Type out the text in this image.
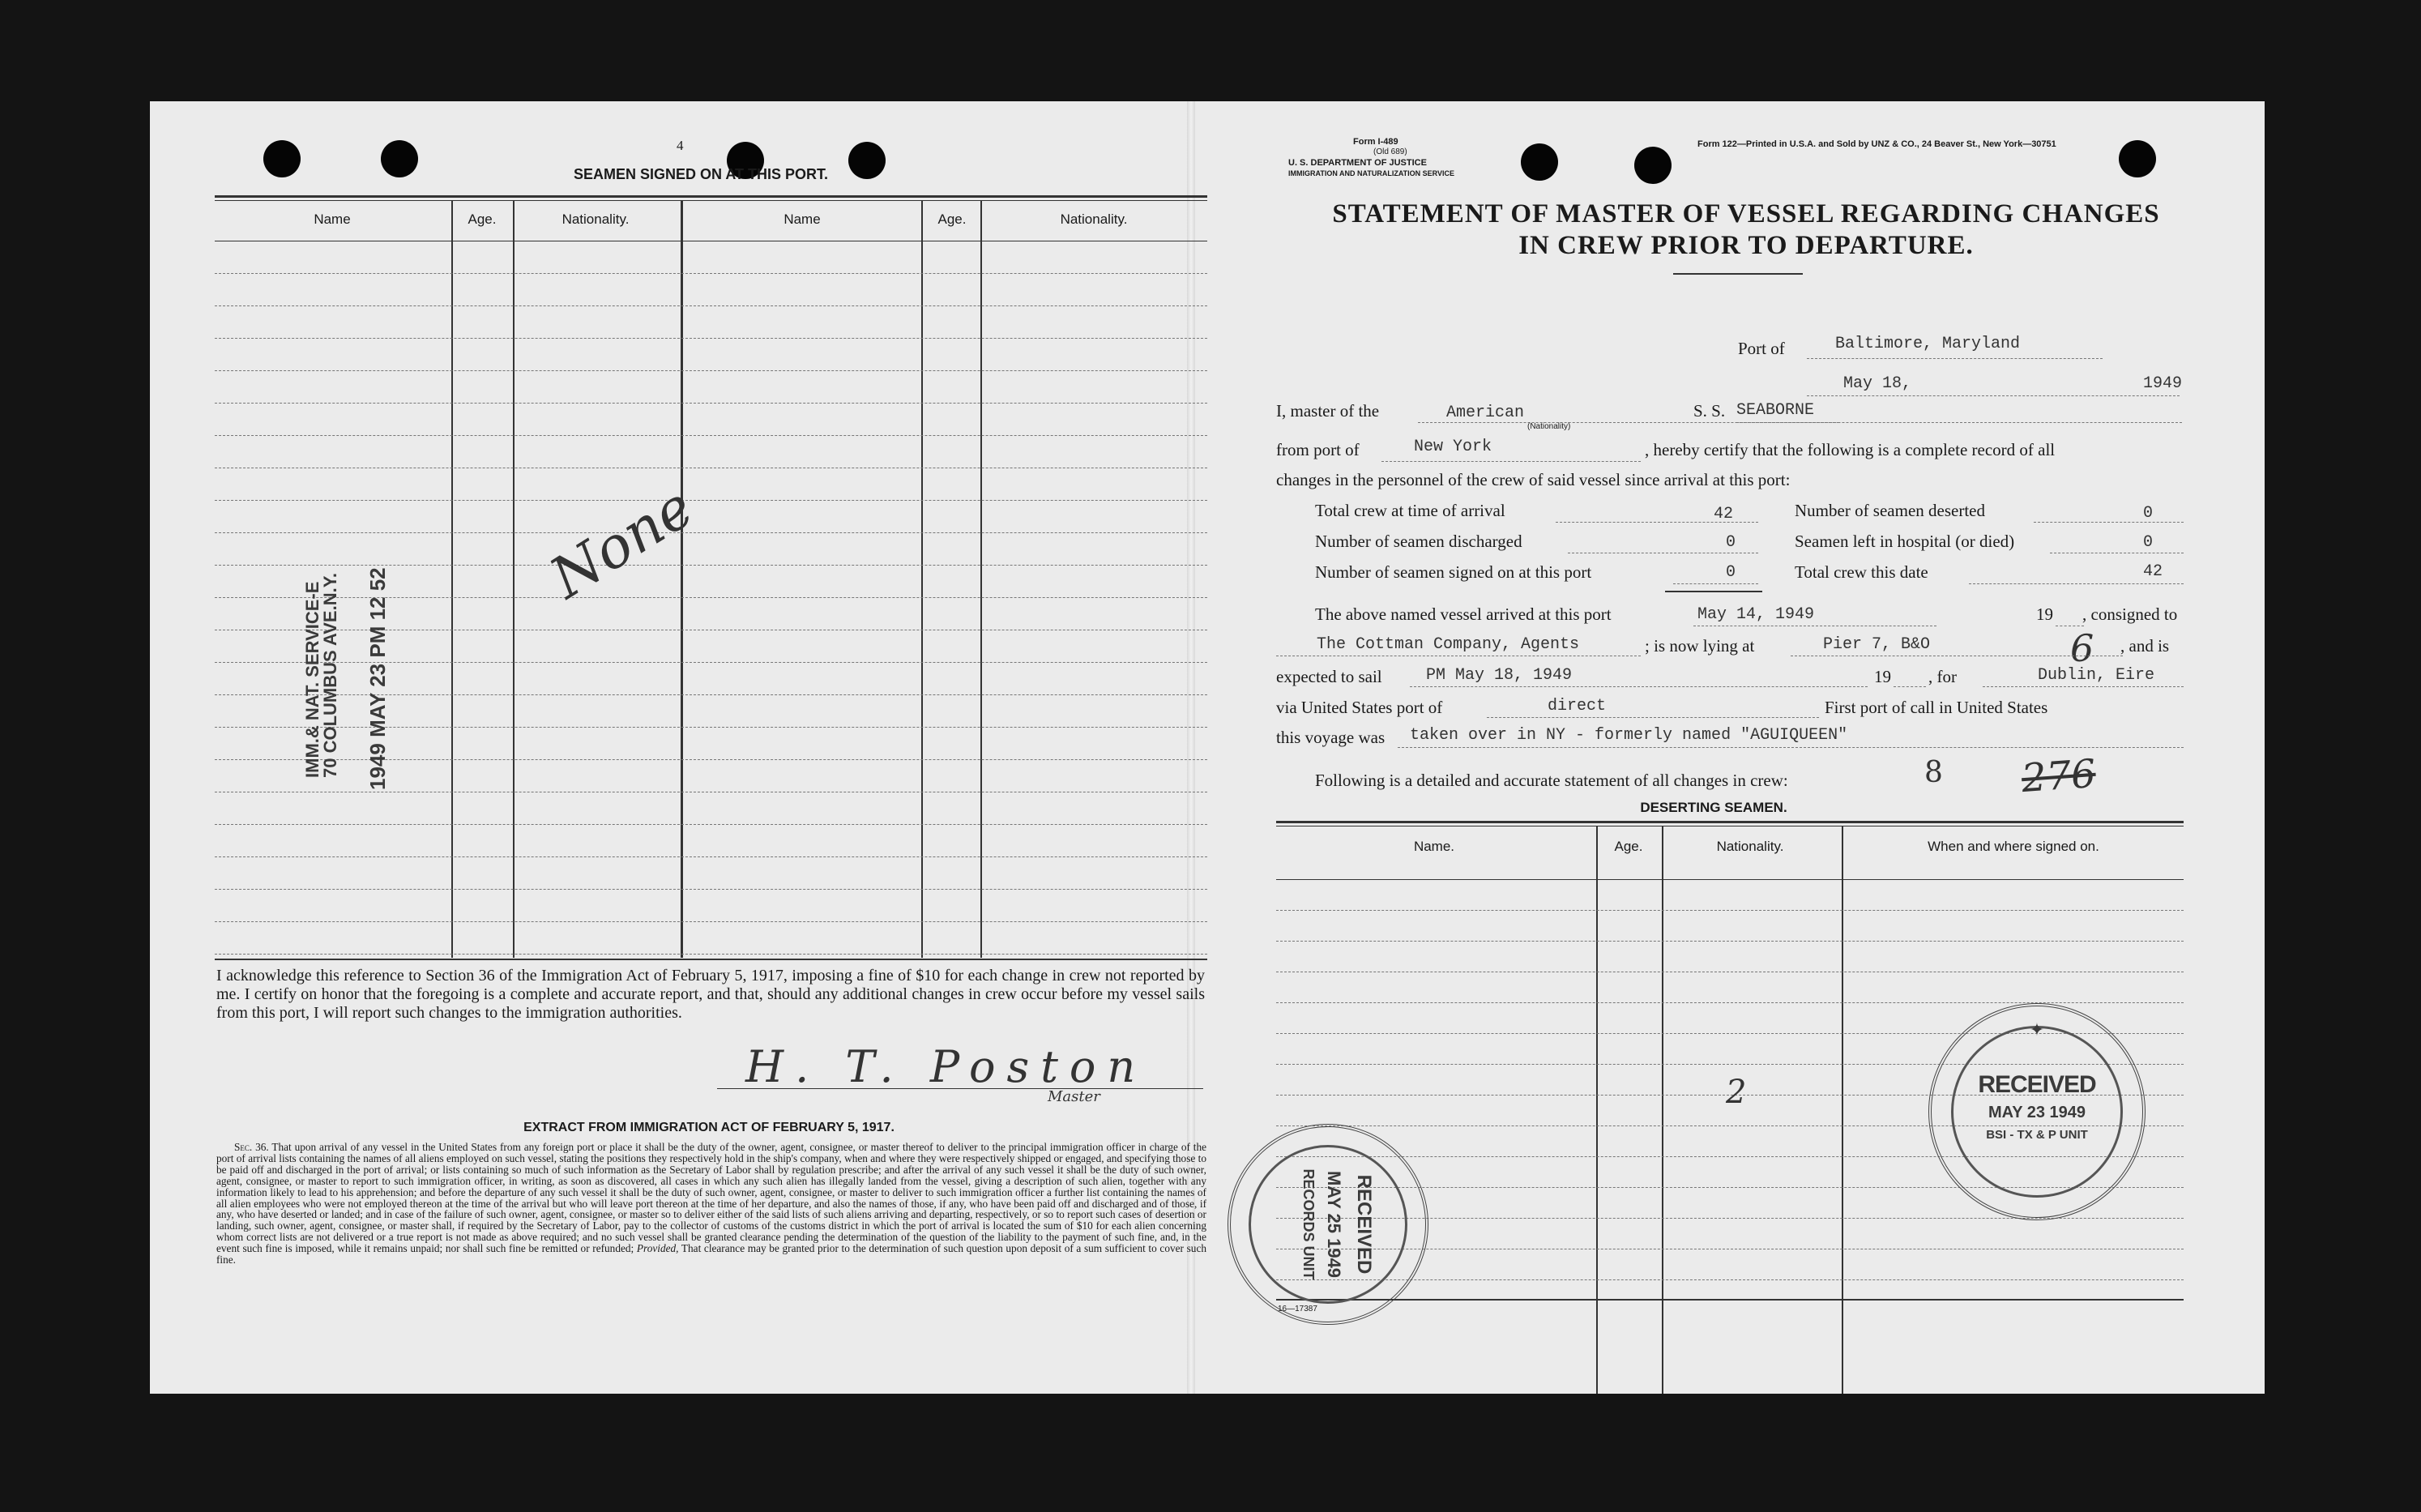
4
SEAMEN SIGNED ON AT THIS PORT.
Name	Age.	Nationality.	Name	Age.	Nationality.
None
IMM.& NAT. SERVICE-E
70 COLUMBUS AVE.N.Y. 1949 MAY 23 PM 12 52
I acknowledge this reference to Section 36 of the Immigration Act of February 5, 1917, imposing a fine of $10 for each change in crew not reported by me. I certify on honor that the foregoing is a complete and accurate report, and that, should any additional changes in crew occur before my vessel sails from this port, I will report such changes to the immigration authorities.
H. T. Poston
Master
EXTRACT FROM IMMIGRATION ACT OF FEBRUARY 5, 1917.
Sec. 36. That upon arrival of any vessel in the United States from any foreign port or place it shall be the duty of the owner, agent, consignee, or master thereof to deliver to the principal immigration officer in charge of the port of arrival lists containing the names of all aliens employed on such vessel, stating the positions they respectively hold in the ship's company, when and where they were respectively shipped or engaged, and specifying those to be paid off and discharged in the port of arrival; or lists containing so much of such information as the Secretary of Labor shall by regulation prescribe; and after the arrival of any such vessel it shall be the duty of such owner, agent, consignee, or master to report to such immigration officer, in writing, as soon as discovered, all cases in which any such alien has illegally landed from the vessel, giving a description of such alien, together with any information likely to lead to his apprehension; and before the departure of any such vessel it shall be the duty of such owner, agent, consignee, or master to deliver to such immigration officer a further list containing the names of all alien employees who were not employed thereon at the time of the arrival but who will leave port thereon at the time of her departure, and also the names of those, if any, who have been paid off and discharged and of those, if any, who have deserted or landed; and in case of the failure of such owner, agent, consignee, or master so to deliver either of the said lists of such aliens arriving and departing, respectively, or so to report such cases of desertion or landing, such owner, agent, consignee, or master shall, if required by the Secretary of Labor, pay to the collector of customs of the customs district in which the port of arrival is located the sum of $10 for each alien concerning whom correct lists are not delivered or a true report is not made as above required; and no such vessel shall be granted clearance pending the determination of the question of the liability to the payment of such fine, and, in the event such fine is imposed, while it remains unpaid; nor shall such fine be remitted or refunded; Provided, That clearance may be granted prior to the determination of such question upon deposit of a sum sufficient to cover such fine.
Form I-489
(Old 689)
U. S. DEPARTMENT OF JUSTICE
IMMIGRATION AND NATURALIZATION SERVICE
Form 122—Printed in U.S.A. and Sold by UNZ & CO., 24 Beaver St., New York—30751
STATEMENT OF MASTER OF VESSEL REGARDING CHANGES
IN CREW PRIOR TO DEPARTURE.
Port of	Baltimore, Maryland
May 18,	1949
I, master of the	American
(Nationality)
S. S. SEABORNE
from port of	New York	, hereby certify that the following is a complete record of all
changes in the personnel of the crew of said vessel since arrival at this port:
Total crew at time of arrival	42
Number of seamen discharged	0
Number of seamen signed on at this port	0
Number of seamen deserted	0
Seamen left in hospital (or died)	0
Total crew this date	42
The above named vessel arrived at this port	May 14, 1949	19 , consigned to
The Cottman Company, Agents	; is now lying at	Pier 7, B&O	6 , and is
expected to sail	PM May 18, 1949	19 , for	Dublin, Eire
via United States port of	direct	First port of call in United States
this voyage was taken over in NY - formerly named "AGUIQUEEN"
Following is a detailed and accurate statement of all changes in crew:	8 276
DESERTING SEAMEN.
Name.	Age.	Nationality.	When and where signed on.
2
16—17387
✦
RECEIVED
MAY 23 1949
BSI - TX & P UNIT
RECEIVED
MAY 25 1949
RECORDS UNIT
